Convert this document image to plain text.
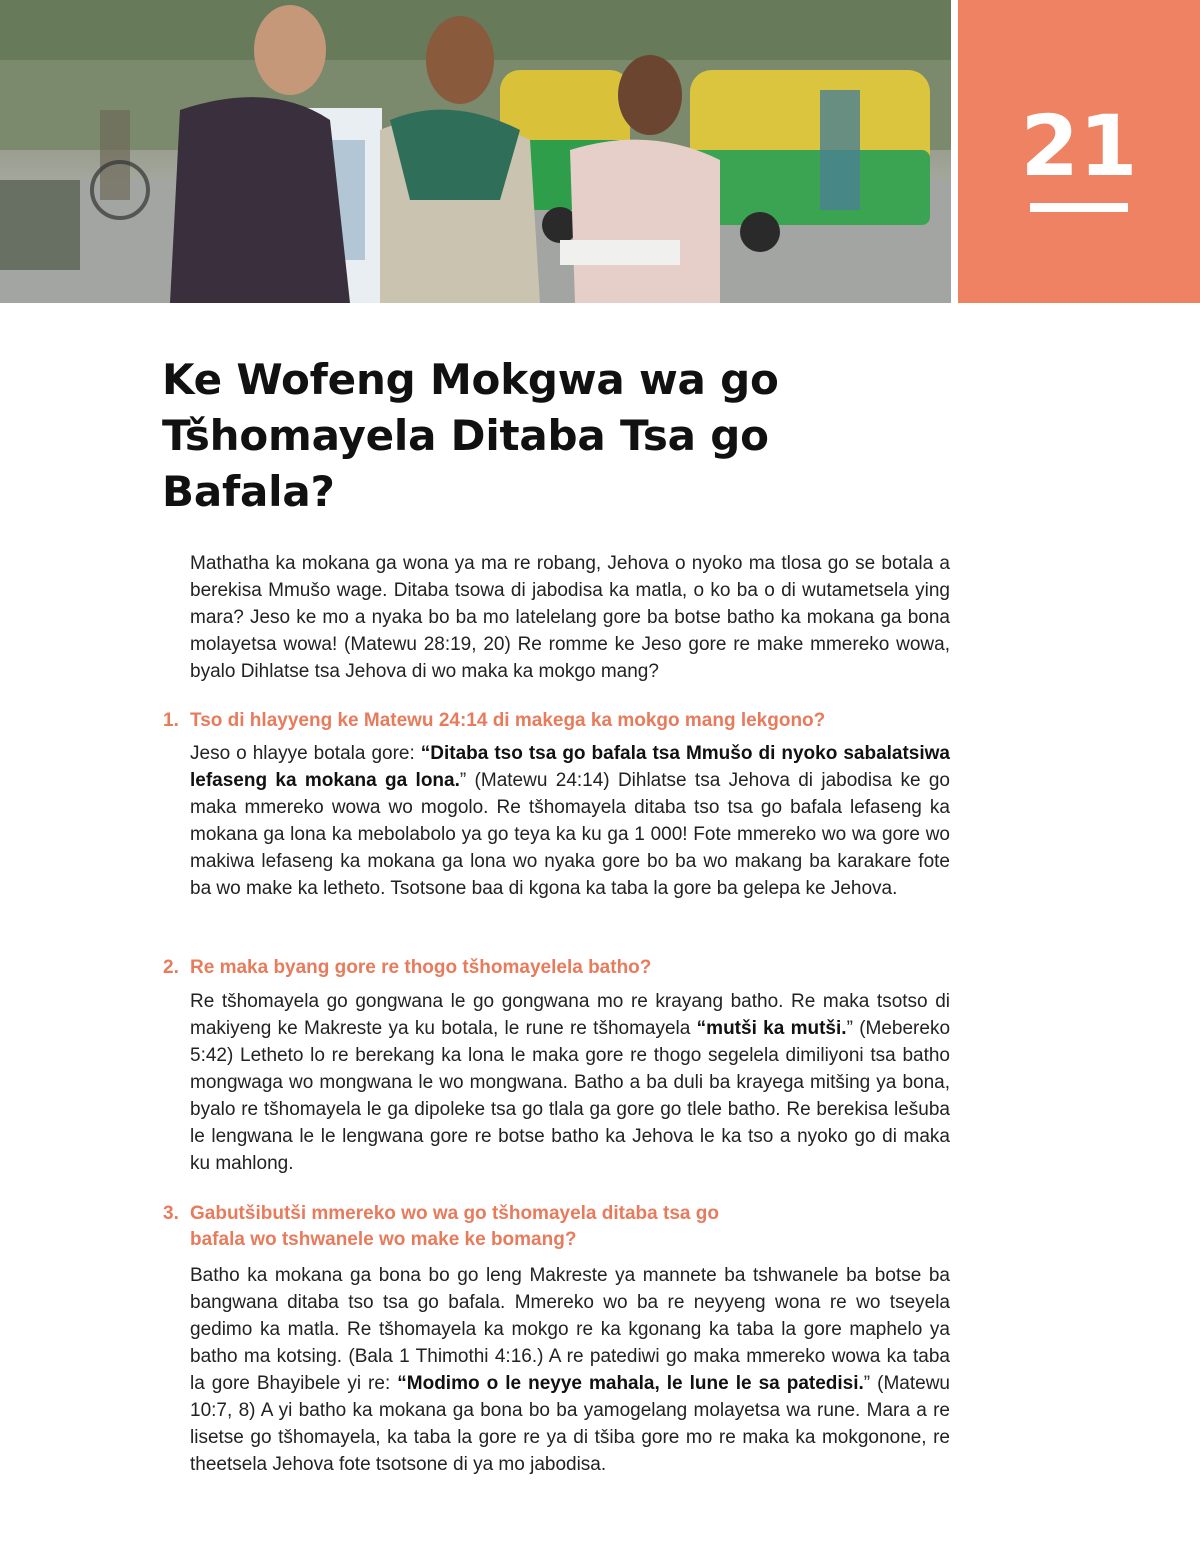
21
Ke Wofeng Mokgwa wa go Tšhomayela Ditaba Tsa go Bafala?

Mathatha ka mokana ga wona ya ma re robang, Jehova o nyoko ma tlosa go se botala a berekisa Mmušo wage. Ditaba tsowa di jabodisa ka matla, o ko ba o di wutametsela ying mara? Jeso ke mo a nyaka bo ba mo latelelang gore ba botse batho ka mokana ga bona molayetsa wowa! (Matewu 28:19, 20) Re romme ke Jeso gore re make mmereko wowa, byalo Dihlatse tsa Jehova di wo maka ka mokgo mang?

1. Tso di hlayyeng ke Matewu 24:14 di makega ka mokgo mang lekgono?

Jeso o hlayye botala gore: “Ditaba tso tsa go bafala tsa Mmušo di nyoko sabalatsiwa lefaseng ka mokana ga lona.” (Matewu 24:14) Dihlatse tsa Jehova di jabodisa ke go maka mmereko wowa wo mogolo. Re tšhomayela ditaba tso tsa go bafala lefaseng ka mokana ga lona ka mebolabolo ya go teya ka ku ga 1 000! Fote mmereko wo wa gore wo makiwa lefaseng ka mokana ga lona wo nyaka gore bo ba wo makang ba karakare fote ba wo make ka letheto. Tsotsone baa di kgona ka taba la gore ba gelepa ke Jehova.

2. Re maka byang gore re thogo tšhomayelela batho?

Re tšhomayela go gongwana le go gongwana mo re krayang batho. Re maka tsotso di makiyeng ke Makreste ya ku botala, le rune re tšhomayela “mutši ka mutši.” (Mebereko 5:42) Letheto lo re berekang ka lona le maka gore re thogo segelela dimiliyoni tsa batho mongwaga wo mongwana le wo mongwana. Batho a ba duli ba krayega mitšing ya bona, byalo re tšhomayela le ga dipoleke tsa go tlala ga gore go tlele batho. Re berekisa lešuba le lengwana le le lengwana gore re botse batho ka Jehova le ka tso a nyoko go di maka ku mahlong.

3. Gabutšibutši mmereko wo wa go tšhomayela ditaba tsa go
bafala wo tshwanele wo make ke bomang?

Batho ka mokana ga bona bo go leng Makreste ya mannete ba tshwanele ba botse ba bangwana ditaba tso tsa go bafala. Mmereko wo ba re neyyeng wona re wo tseyela gedimo ka matla. Re tšhomayela ka mokgo re ka kgonang ka taba la gore maphelo ya batho ma kotsing. (Bala 1 Thimothi 4:16.) A re patediwi go maka mmereko wowa ka taba la gore Bhayibele yi re: “Modimo o le neyye mahala, le lune le sa patedisi.” (Matewu 10:7, 8) A yi batho ka mokana ga bona bo ba yamogelang molayetsa wa rune. Mara a re lisetse go tšhomayela, ka taba la gore re ya di tšiba gore mo re maka ka mokgonone, re theetsela Jehova fote tsotsone di ya mo jabodisa.
